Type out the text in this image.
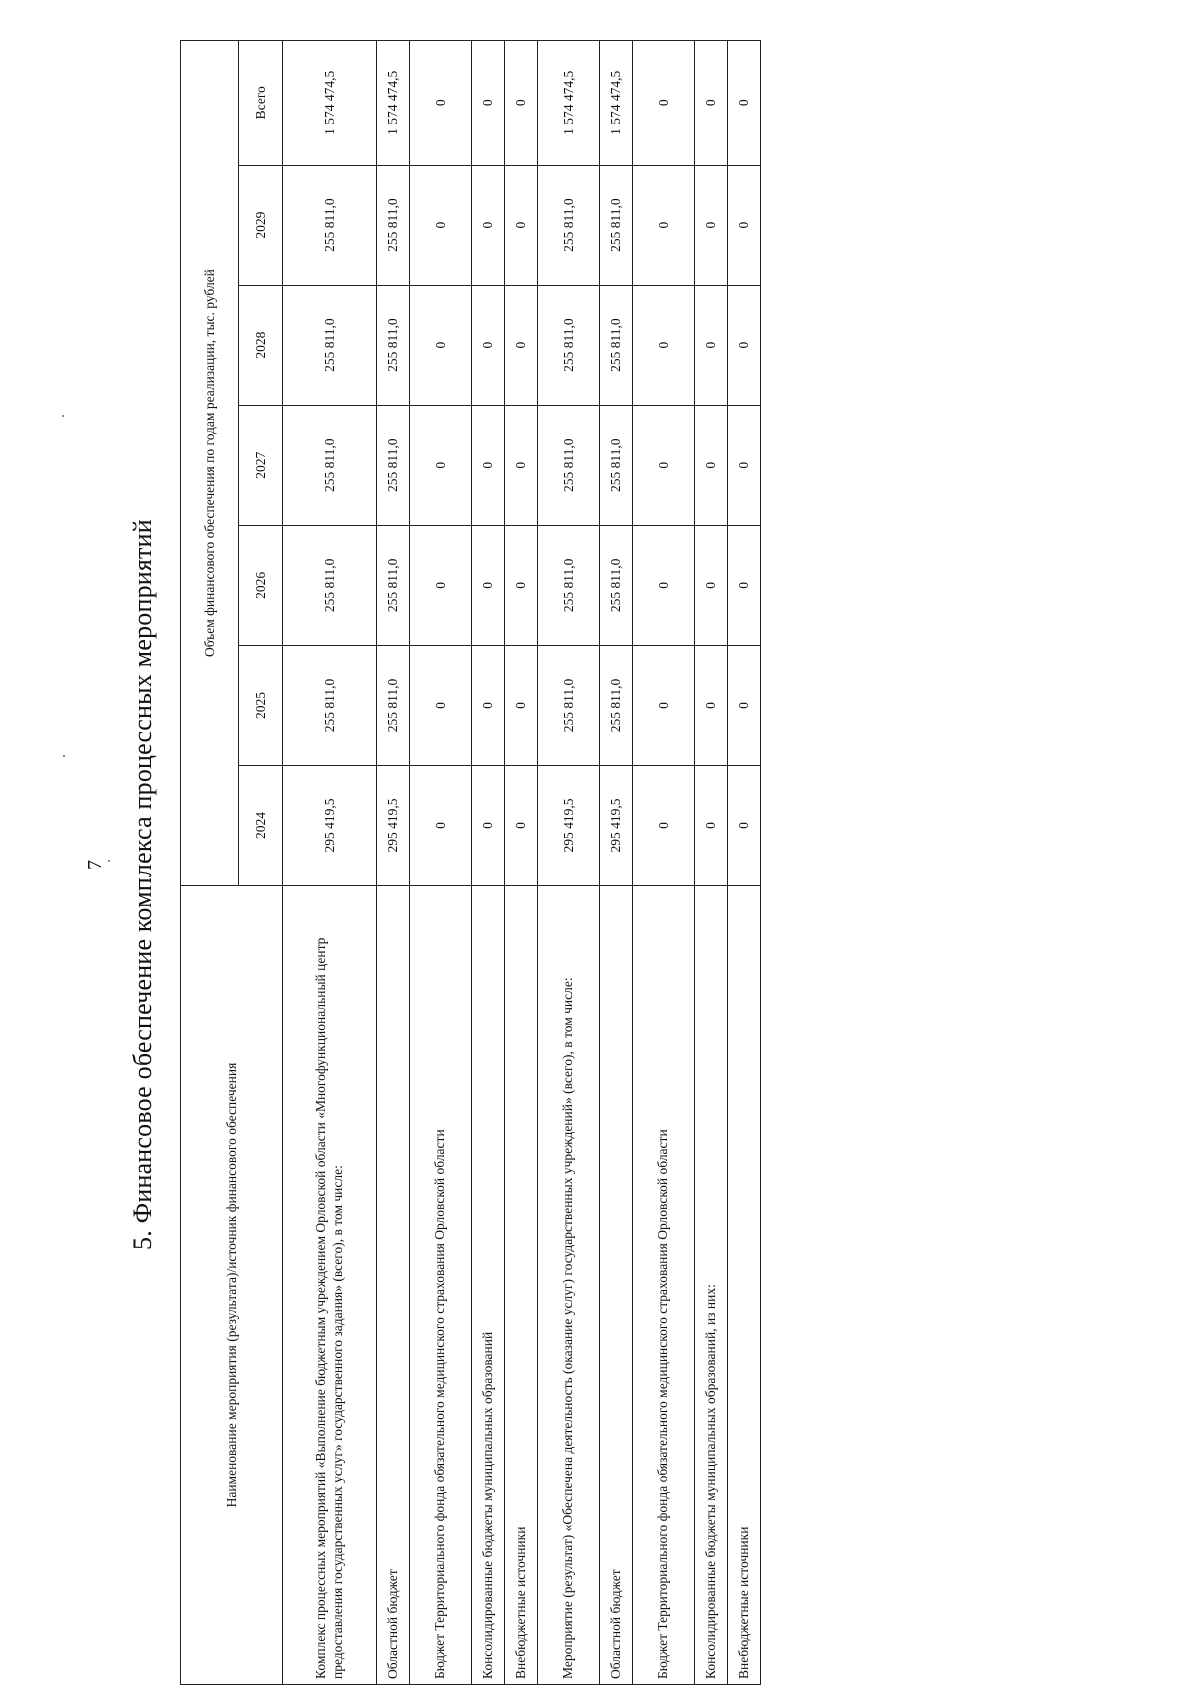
7 5. Финансовое обеспечение комплекса процессных мероприятий
Наименование мероприятия (результата)/источник финансового обеспечения	Объем финансового обеспечения по годам реализации, тыс. рублей						
	2024	2025	2026	2027	2028	2029	Всего
Комплекс процессных мероприятий «Выполнение бюджетным учреждением Орловской области «Многофункциональный центр предоставления государственных услуг» государственного задания» (всего), в том числе:	295 419,5	255 811,0	255 811,0	255 811,0	255 811,0	255 811,0	1 574 474,5
Областной бюджет	295 419,5	255 811,0	255 811,0	255 811,0	255 811,0	255 811,0	1 574 474,5
Бюджет Территориального фонда обязательного медицинского страхования Орловской области	0	0	0	0	0	0	0
Консолидированные бюджеты муниципальных образований	0	0	0	0	0	0	0
Внебюджетные источники	0	0	0	0	0	0	0
Мероприятие (результат) «Обеспечена деятельность (оказание услуг) государственных учреждений» (всего), в том числе:	295 419,5	255 811,0	255 811,0	255 811,0	255 811,0	255 811,0	1 574 474,5
Областной бюджет	295 419,5	255 811,0	255 811,0	255 811,0	255 811,0	255 811,0	1 574 474,5
Бюджет Территориального фонда обязательного медицинского страхования Орловской области	0	0	0	0	0	0	0
Консолидированные бюджеты муниципальных образований, из них:	0	0	0	0	0	0	0
Внебюджетные источники	0	0	0	0	0	0	0
